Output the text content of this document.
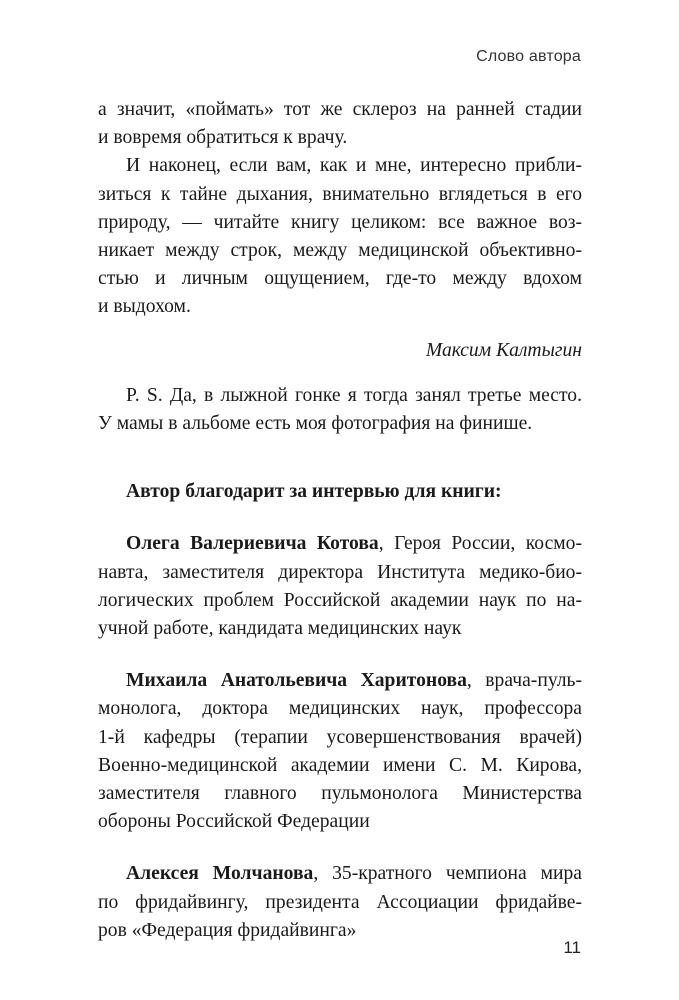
Слово автора

а значит, «поймать» тот же склероз на ранней стадии
и вовремя обратиться к врачу.

И наконец, если вам, как и мне, интересно прибли-
зиться к тайне дыхания, внимательно вглядеться в его
природу, — читайте книгу целиком: все важное воз-
никает между строк, между медицинской объективно-
стью и личным ощущением, где-то между вдохом
и выдохом.

Максим Калтыгин

P. S. Да, в лыжной гонке я тогда занял третье место.
У мамы в альбоме есть моя фотография на финише.

Автор благодарит за интервью для книги:

Олега Валериевича Котова, Героя России, космо-
навта, заместителя директора Института медико-био-
логических проблем Российской академии наук по на-
учной работе, кандидата медицинских наук

Михаила Анатольевича Харитонова, врача-пуль-
монолога, доктора медицинских наук, профессора
1-й кафедры (терапии усовершенствования врачей)
Военно-медицинской академии имени С. М. Кирова,
заместителя главного пульмонолога Министерства
обороны Российской Федерации

Алексея Молчанова, 35-кратного чемпиона мира
по фридайвингу, президента Ассоциации фридайве-
ров «Федерация фридайвинга»

11
